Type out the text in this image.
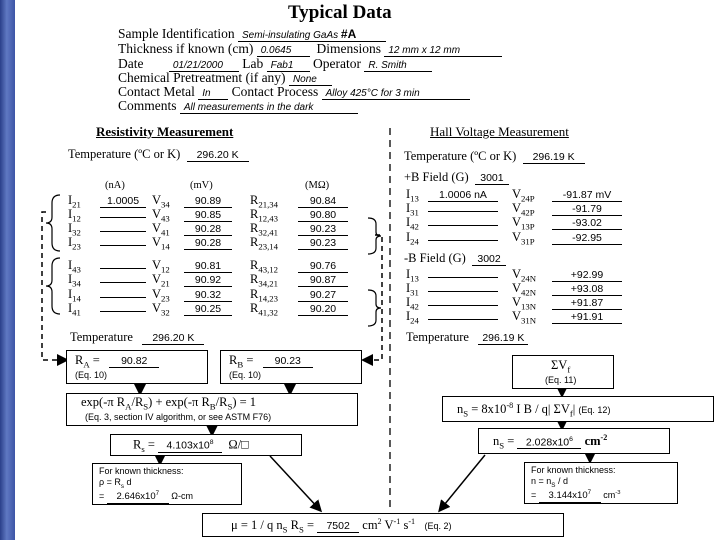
Typical Data
Sample Identification Semi-insulating GaAs #A
Thickness if known (cm) 0.0645 Dimensions 12 mm x 12 mm
Date	01/21/2000 Lab Fab1 Operator R. Smith
Chemical Pretreatment (if any) None
Contact Metal In Contact Process Alloy 425°C for 3 min
Comments All measurements in the dark
Resistivity Measurement
Temperature (ºC or K) 296.20 K
(nA)	(mV)	(MΩ)
$I_{21}$ 1.0005 $V_{34}$ 90.89 $R_{21,34}$	90.84
$I_{12}$	$V_{43}$ 90.85 $R_{12,43}$	90.80
$I_{32}$	$V_{41}$ 90.28 $R_{32,41}$	90.23
$I_{23}$	$V_{14}$ 90.28 $R_{23,14}$	90.23
$I_{43}$	$V_{12}$ 90.81 $R_{43,12}$	90.76
$I_{34}$	$V_{21}$ 90.92 $R_{34,21}$	90.87
$I_{14}$	$V_{23}$ 90.32 $R_{14,23}$	90.27
$I_{41}$	$V_{32}$ 90.25 $R_{41,32}$	90.20
Temperature 296.20 K
$R_A = 90.82$
(Eq. 10)
$R_B = 90.23$
(Eq. 10)
exp(-π $R_A/R_S) + \exp(-\pi$ $R_B/R_S) = 1$
(Eq. 3, section IV algorithm, or see ASTM F76)
$R_s = 4.103x10^8$ Ω/□
For known thickness:
$\rho = R_s$ d
= $2.646x10^7$ Ω-cm
Hall Voltage Measurement
Temperature (ºC or K) 296.19 K
+B Field (G) 3001
$I_{13}$ 1.0006 nA $V_{24P}$	-91.87 mV
$I_{31}$	$V_{42P}$	-91.79
$I_{42}$	$V_{13P}$	-93.02
$I_{24}$	$V_{31P}$	-92.95
-B Field (G) 3002
$I_{13}$	$V_{24N}$	+92.99
$I_{31}$	$V_{42N}$	+93.08
$I_{42}$	$V_{13N}$	+91.87
$I_{24}$	$V_{31N}$	+91.91
Temperature 296.19 K
$\Sigma V_f$
(Eq. 11)
$n_S = 8x10^{-8}$ I B / q| $\Sigma V_f|$ (Eq. 12)
$n_S = 2.028x10^6$ $cm^{-2}$
For known thickness:
$n = n_S / d$
= $3.144x10^7$ $cm^{-3}$
μ = 1 / q $n_S$ $R_S = 7502$ $cm^2$ $V^{-1}$ $s^{-1}$ (Eq. 2)
